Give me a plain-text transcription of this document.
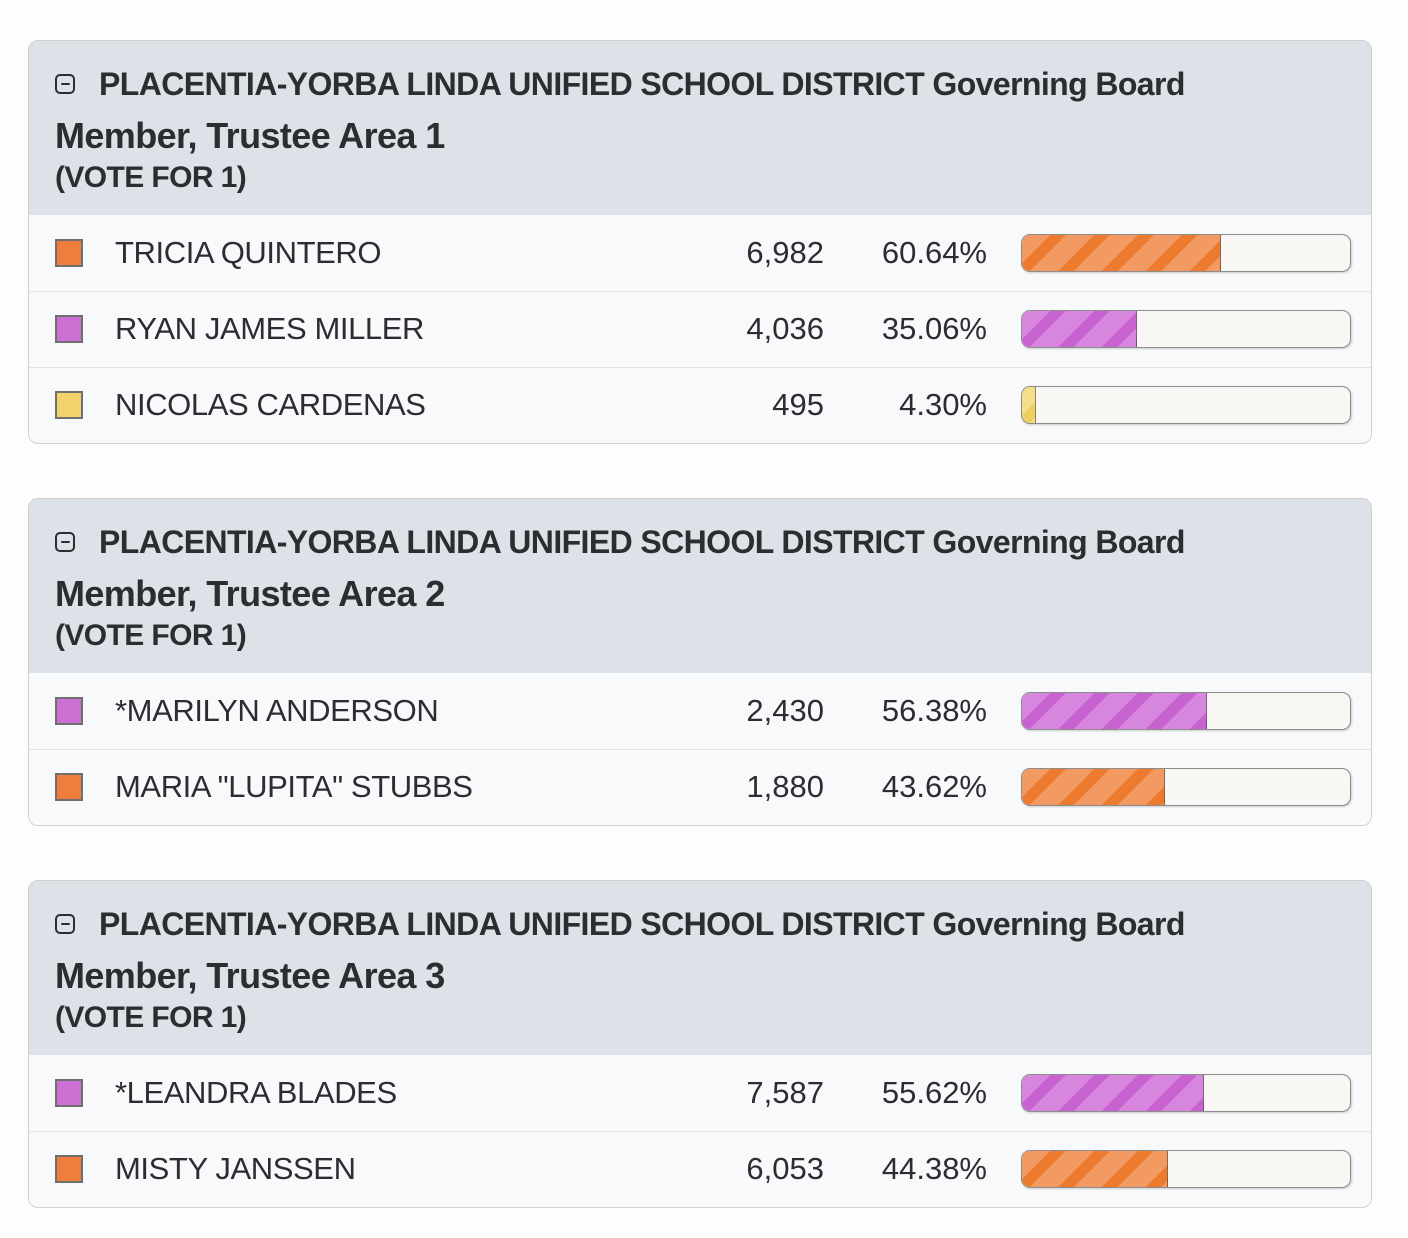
PLACENTIA-YORBA LINDA UNIFIED SCHOOL DISTRICT Governing Board
Member, Trustee Area 1
(VOTE FOR 1)
TRICIA QUINTERO	6,982	60.64%
RYAN JAMES MILLER	4,036	35.06%
NICOLAS CARDENAS	495	4.30%
PLACENTIA-YORBA LINDA UNIFIED SCHOOL DISTRICT Governing Board
Member, Trustee Area 2
(VOTE FOR 1)
*MARILYN ANDERSON	2,430	56.38%
MARIA "LUPITA" STUBBS	1,880	43.62%
PLACENTIA-YORBA LINDA UNIFIED SCHOOL DISTRICT Governing Board
Member, Trustee Area 3
(VOTE FOR 1)
*LEANDRA BLADES	7,587	55.62%
MISTY JANSSEN	6,053	44.38%
